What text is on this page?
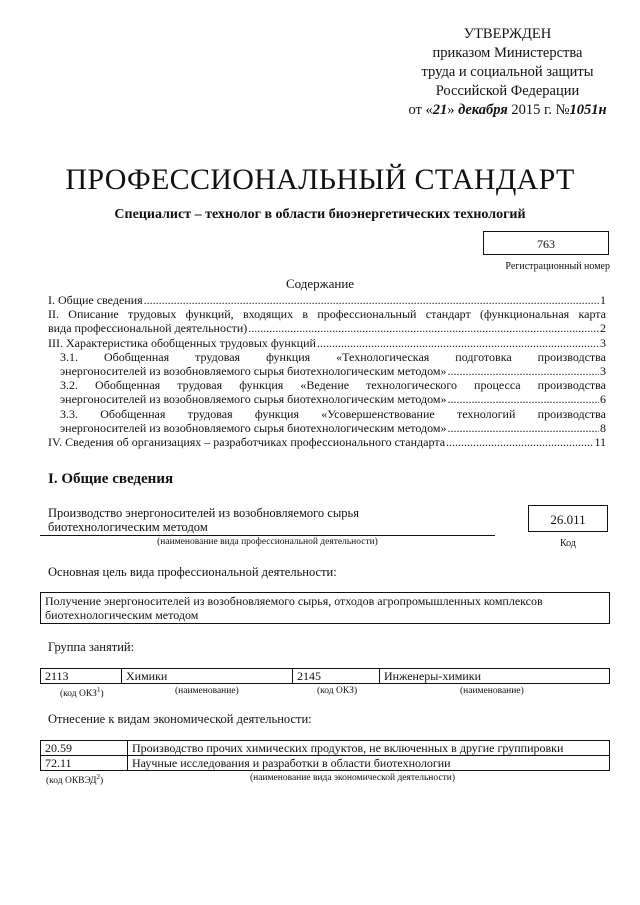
УТВЕРЖДЕН
приказом Министерства
труда и социальной защиты
Российской Федерации
от «21» декабря 2015 г. №1051н
ПРОФЕССИОНАЛЬНЫЙ СТАНДАРТ
Специалист – технолог в области биоэнергетических технологий
763
Регистрационный номер
Содержание
I. Общие сведения .....	1
II. Описание трудовых функций, входящих в профессиональный стандарт (функциональная карта
вида профессиональной деятельности) .....	2
III. Характеристика обобщенных трудовых функций .....	3
3.1. Обобщенная трудовая функция «Технологическая подготовка производства
энергоносителей из возобновляемого сырья биотехнологическим методом» .....	3
3.2. Обобщенная трудовая функция «Ведение технологического процесса производства
энергоносителей из возобновляемого сырья биотехнологическим методом» .....	6
3.3. Обобщенная трудовая функция «Усовершенствование технологий производства
энергоносителей из возобновляемого сырья биотехнологическим методом» .....	8
IV. Сведения об организациях – разработчиках профессионального стандарта .....	11
I. Общие сведения
Производство энергоносителей из возобновляемого сырья
биотехнологическим методом
(наименование вида профессиональной деятельности)
26.011
Код
Основная цель вида профессиональной деятельности:
Получение энергоносителей из возобновляемого сырья, отходов агропромышленных комплексов биотехнологическим методом
Группа занятий:
2113	Химики	2145	Инженеры-химики
(код ОКЗ$^1$)	(наименование)	(код ОКЗ)	(наименование)
Отнесение к видам экономической деятельности:
20.59	Производство прочих химических продуктов, не включенных в другие группировки
72.11	Научные исследования и разработки в области биотехнологии
(код ОКВЭД$^2$)	(наименование вида экономической деятельности)
